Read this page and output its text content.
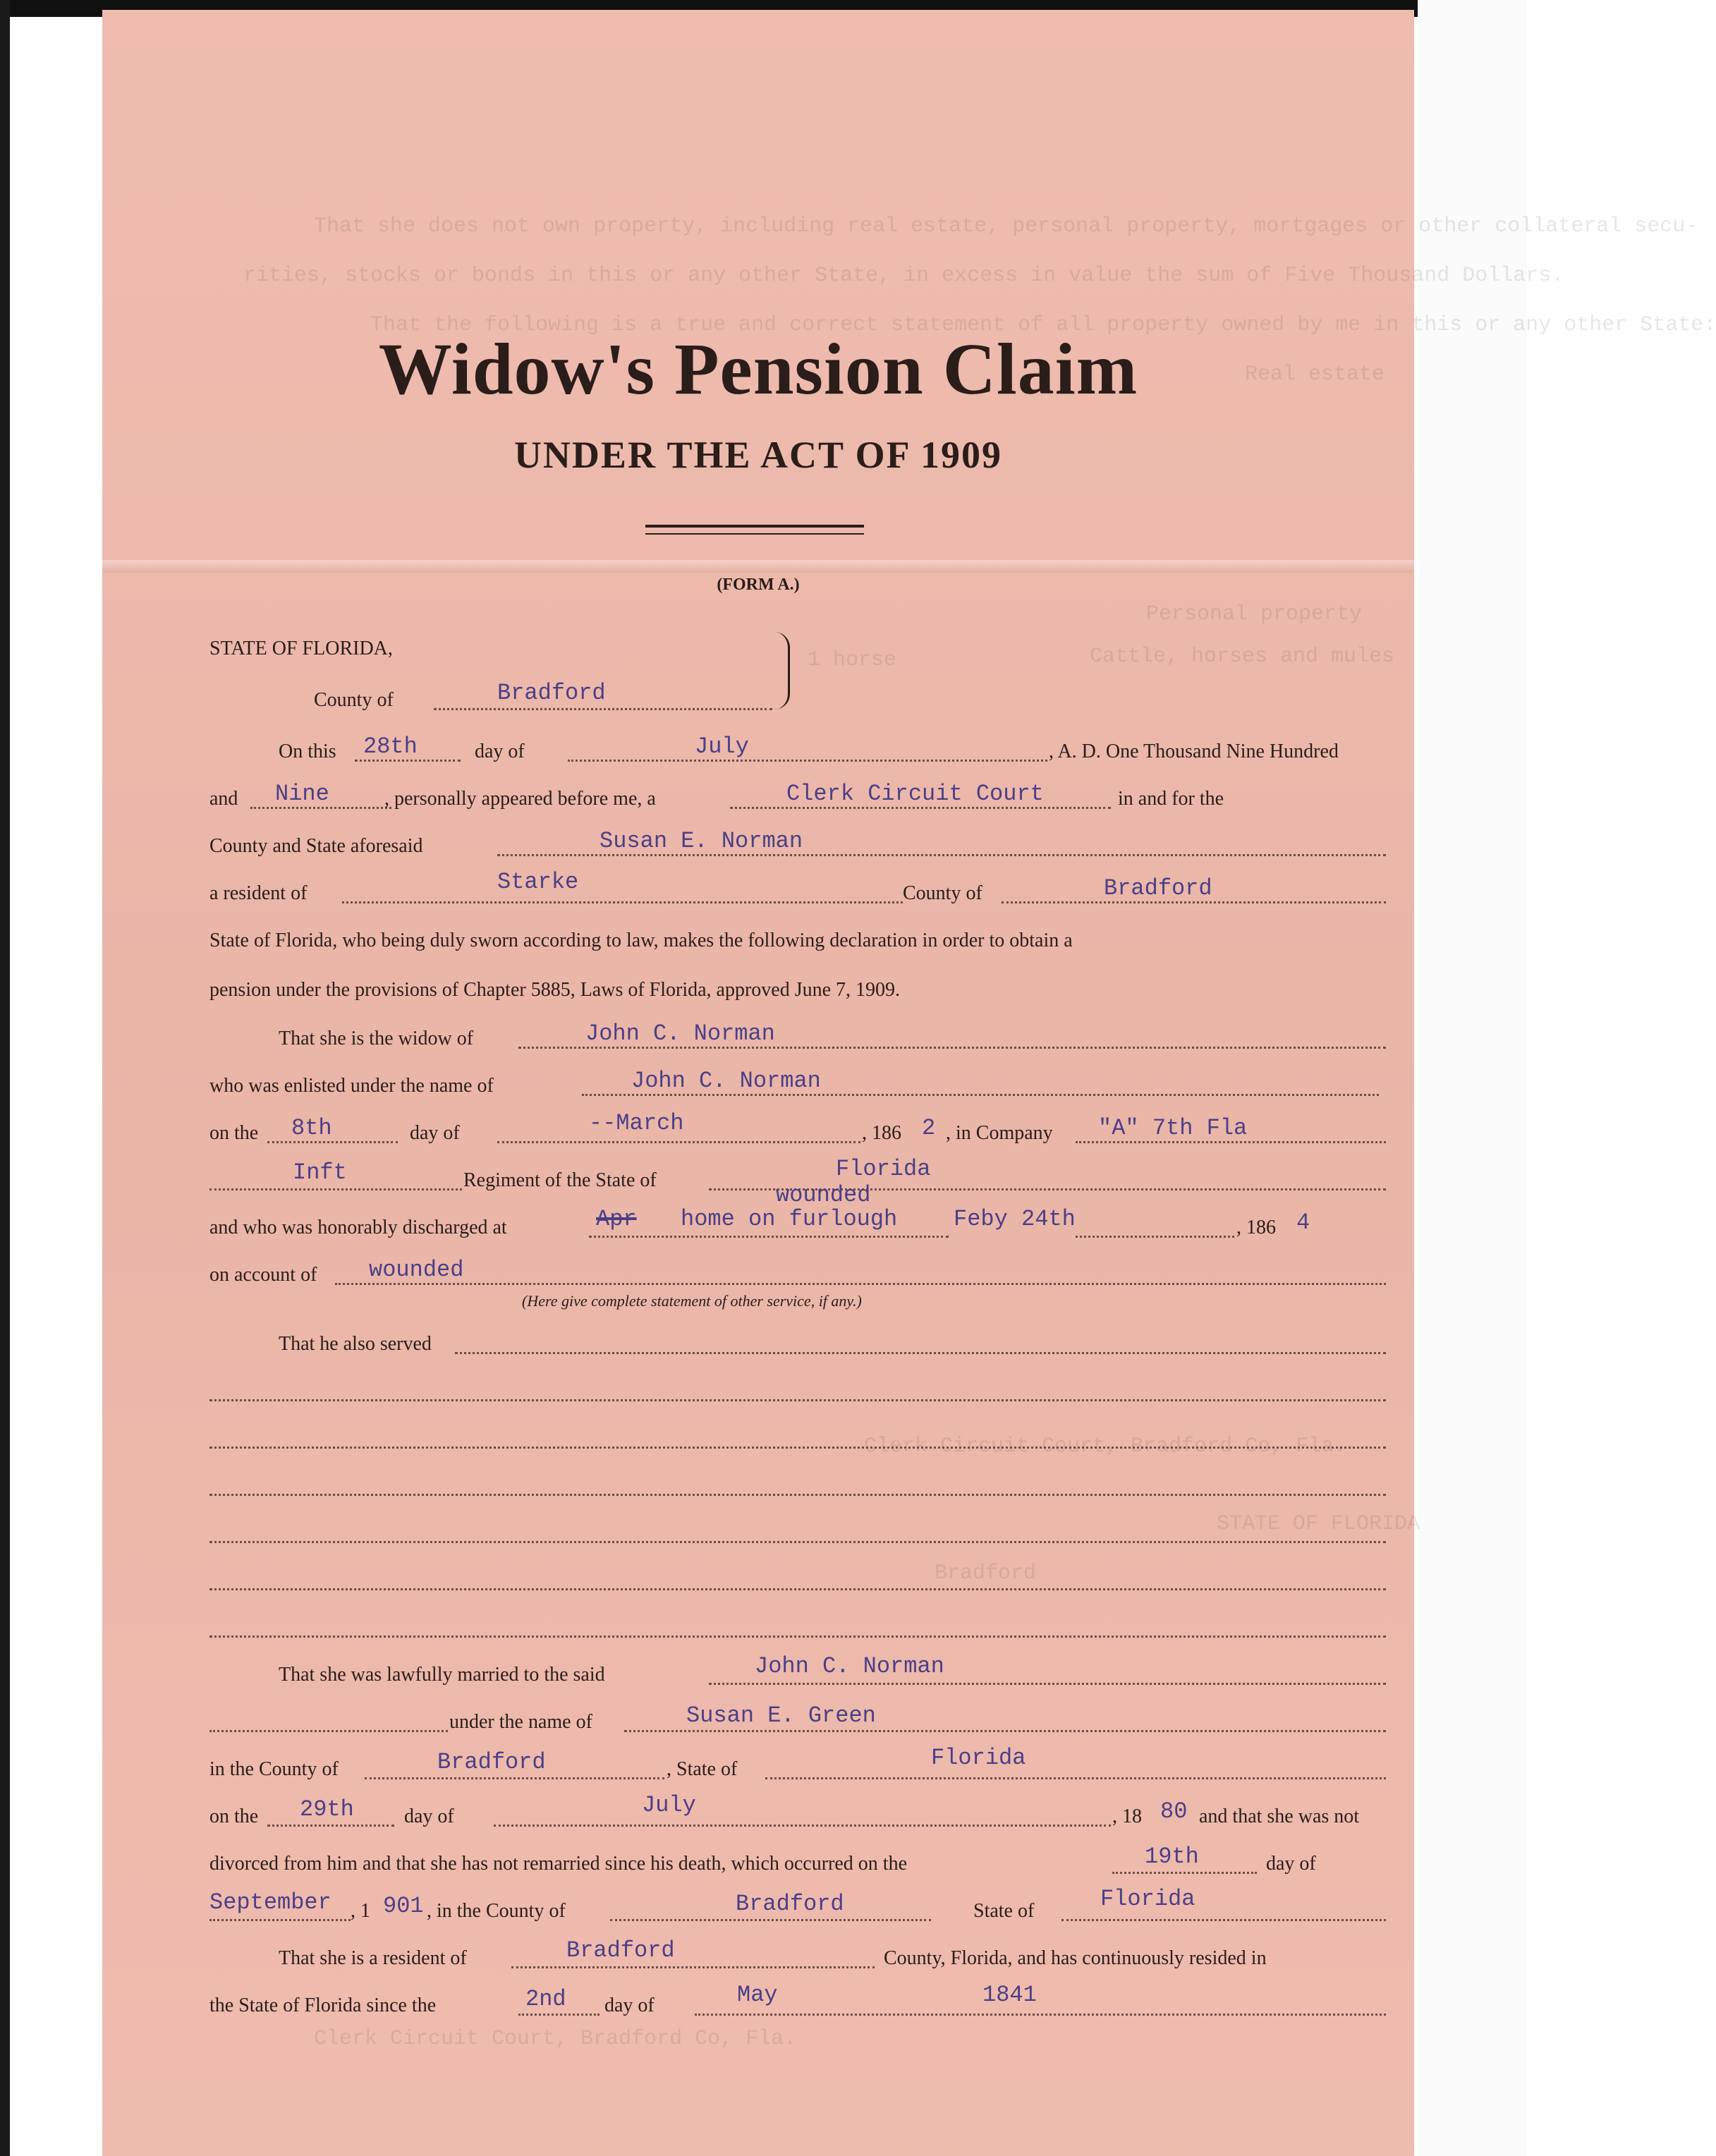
That she does not own property, including real estate, personal property, mortgages or other collateral secu-
rities, stocks or bonds in this or any other State, in excess in value the sum of Five Thousand Dollars.
That the following is a true and correct statement of all property owned by me in this or any other State:
Real estate
Personal property
Cattle, horses and mules
1 horse
Clerk Circuit Court, Bradford Co, Fla.
STATE OF FLORIDA
Bradford
Clerk Circuit Court, Bradford Co, Fla.
Widow's Pension Claim
UNDER THE ACT OF 1909
(FORM A.)
STATE OF FLORIDA,
County of	Bradford
On this 28th	day of	July	, A. D. One Thousand Nine Hundred
and Nine	, personally appeared before me, a	Clerk Circuit Court	in and for the
County and State aforesaid	Susan E. Norman
a resident of	Starke	County of	Bradford
State of Florida, who being duly sworn according to law, makes the following declaration in order to obtain a
pension under the provisions of Chapter 5885, Laws of Florida, approved June 7, 1909.
That she is the widow of	John C. Norman
who was enlisted under the name of	John C. Norman
on the 8th	day of	--March	, 186 2 , in Company "A" 7th Fla
Inft	Regiment of the State of	Florida
wounded
and who was honorably discharged at	Apr home on furlough Feby 24th	, 186 4
on account of wounded
(Here give complete statement of other service, if any.)
That he also served
That she was lawfully married to the said	John C. Norman
under the name of	Susan E. Green
in the County of	Bradford	, State of	Florida
on the 29th	day of	July	, 18 80 and that she was not
divorced from him and that she has not remarried since his death, which occurred on the	19th	day of
September , 1 901 , in the County of	Bradford	State of	Florida
That she is a resident of	Bradford	County, Florida, and has continuously resided in
the State of Florida since the	2nd day of	May	1841
